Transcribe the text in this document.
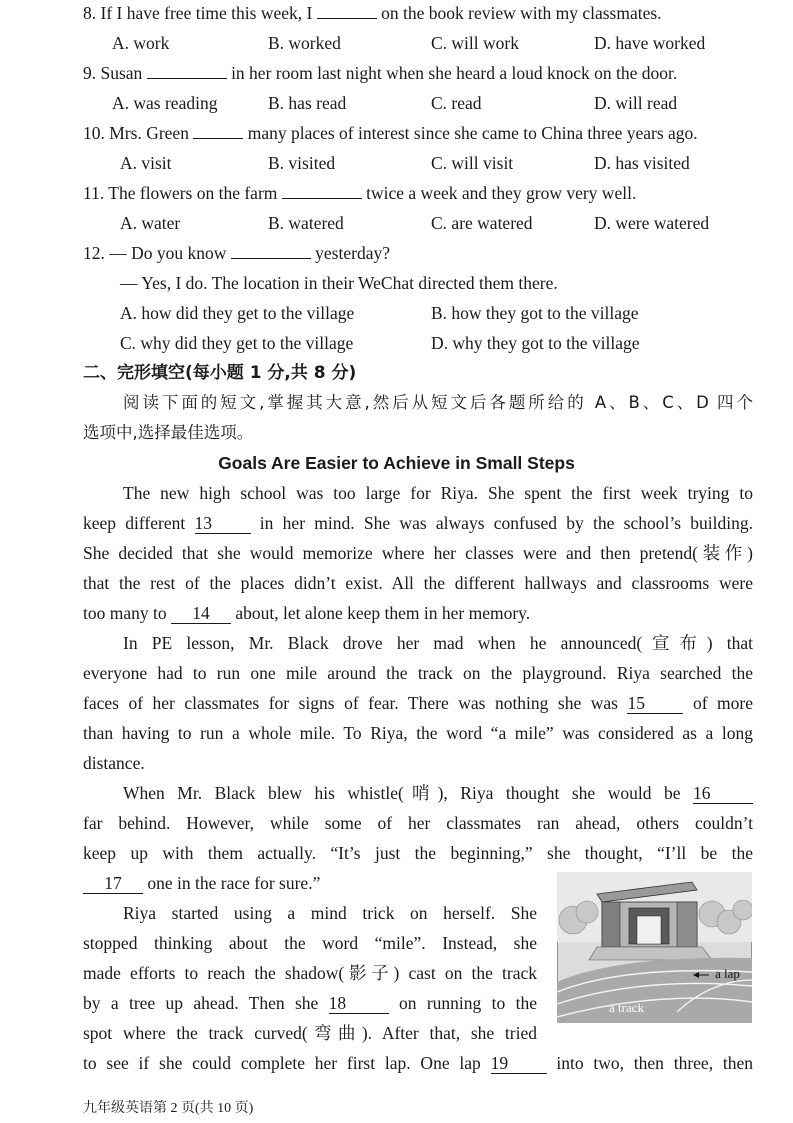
8. If I have free time this week, I	on the book review with my classmates.
A. work	B. worked	C. will work	D. have worked
9. Susan	in her room last night when she heard a loud knock on the door.
A. was reading	B. has read	C. read	D. will read
10. Mrs. Green	many places of interest since she came to China three years ago.
A. visit	B. visited	C. will visit	D. has visited
11. The flowers on the farm	twice a week and they grow very well.
A. water	B. watered	C. are watered	D. were watered
12. — Do you know	yesterday?
— Yes, I do. The location in their WeChat directed them there.
A. how did they get to the village	B. how they got to the village
C. why did they get to the village	D. why they got to the village
二、完形填空(每小题 1 分,共 8 分)
阅读下面的短文,掌握其大意,然后从短文后各题所给的 A、B、C、D 四个
选项中,选择最佳选项。
Goals Are Easier to Achieve in Small Steps
The new high school was too large for Riya. She spent the first week trying to
keep different 13 in her mind. She was always confused by the school’s building.
She decided that she would memorize where her classes were and then pretend(装作)
that the rest of the places didn’t exist. All the different hallways and classrooms were
too many to 14 about, let alone keep them in her memory.
In PE lesson, Mr. Black drove her mad when he announced(宣布) that
everyone had to run one mile around the track on the playground. Riya searched the
faces of her classmates for signs of fear. There was nothing she was 15 of more
than having to run a whole mile. To Riya, the word “a mile” was considered as a long
distance.
When Mr. Black blew his whistle(哨), Riya thought she would be 16
far behind. However, while some of her classmates ran ahead, others couldn’t
keep up with them actually. “It’s just the beginning,” she thought, “I’ll be the
17 one in the race for sure.”
Riya started using a mind trick on herself. She
stopped thinking about the word “mile”. Instead, she
made efforts to reach the shadow(影子) cast on the track
by a tree up ahead. Then she 18 on running to the
spot where the track curved(弯曲). After that, she tried
to see if she could complete her first lap. One lap 19 into two, then three, then
a lap
a track
九年级英语第 2 页(共 10 页)
